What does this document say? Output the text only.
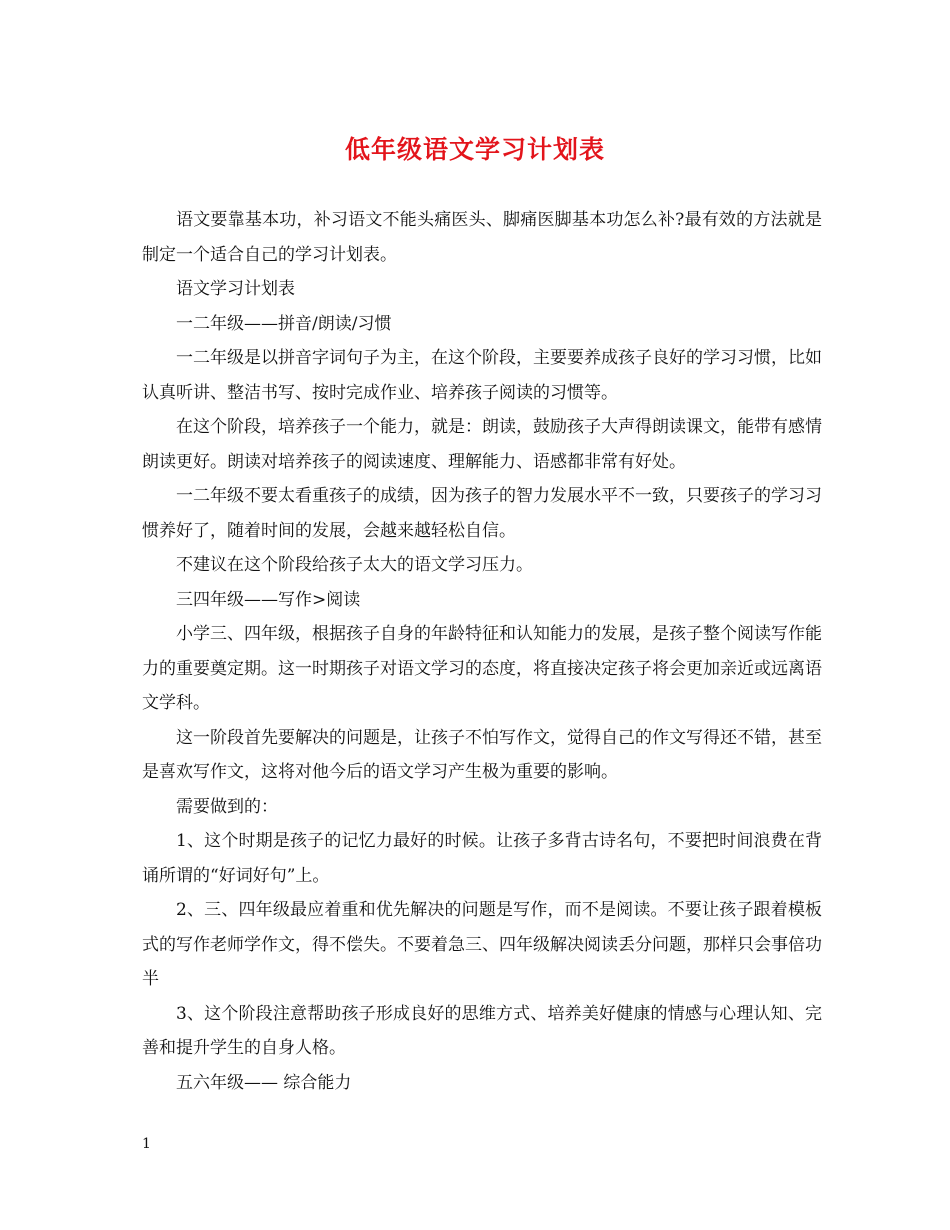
低年级语文学习计划表

语文要靠基本功，补习语文不能头痛医头、脚痛医脚基本功怎么补?最有效的方法就是制定一个适合自己的学习计划表。

语文学习计划表

一二年级——拼音/朗读/习惯

一二年级是以拼音字词句子为主，在这个阶段，主要要养成孩子良好的学习习惯，比如认真听讲、整洁书写、按时完成作业、培养孩子阅读的习惯等。

在这个阶段，培养孩子一个能力，就是：朗读，鼓励孩子大声得朗读课文，能带有感情朗读更好。朗读对培养孩子的阅读速度、理解能力、语感都非常有好处。

一二年级不要太看重孩子的成绩，因为孩子的智力发展水平不一致，只要孩子的学习习惯养好了，随着时间的发展，会越来越轻松自信。

不建议在这个阶段给孩子太大的语文学习压力。

三四年级——写作>阅读

小学三、四年级，根据孩子自身的年龄特征和认知能力的发展，是孩子整个阅读写作能力的重要奠定期。这一时期孩子对语文学习的态度，将直接决定孩子将会更加亲近或远离语文学科。

这一阶段首先要解决的问题是，让孩子不怕写作文，觉得自己的作文写得还不错，甚至是喜欢写作文，这将对他今后的语文学习产生极为重要的影响。

需要做到的：

1、这个时期是孩子的记忆力最好的时候。让孩子多背古诗名句，不要把时间浪费在背诵所谓的“好词好句”上。

2、三、四年级最应着重和优先解决的问题是写作，而不是阅读。不要让孩子跟着模板式的写作老师学作文，得不偿失。不要着急三、四年级解决阅读丢分问题，那样只会事倍功半

3、这个阶段注意帮助孩子形成良好的思维方式、培养美好健康的情感与心理认知、完善和提升学生的自身人格。

五六年级—— 综合能力

1
